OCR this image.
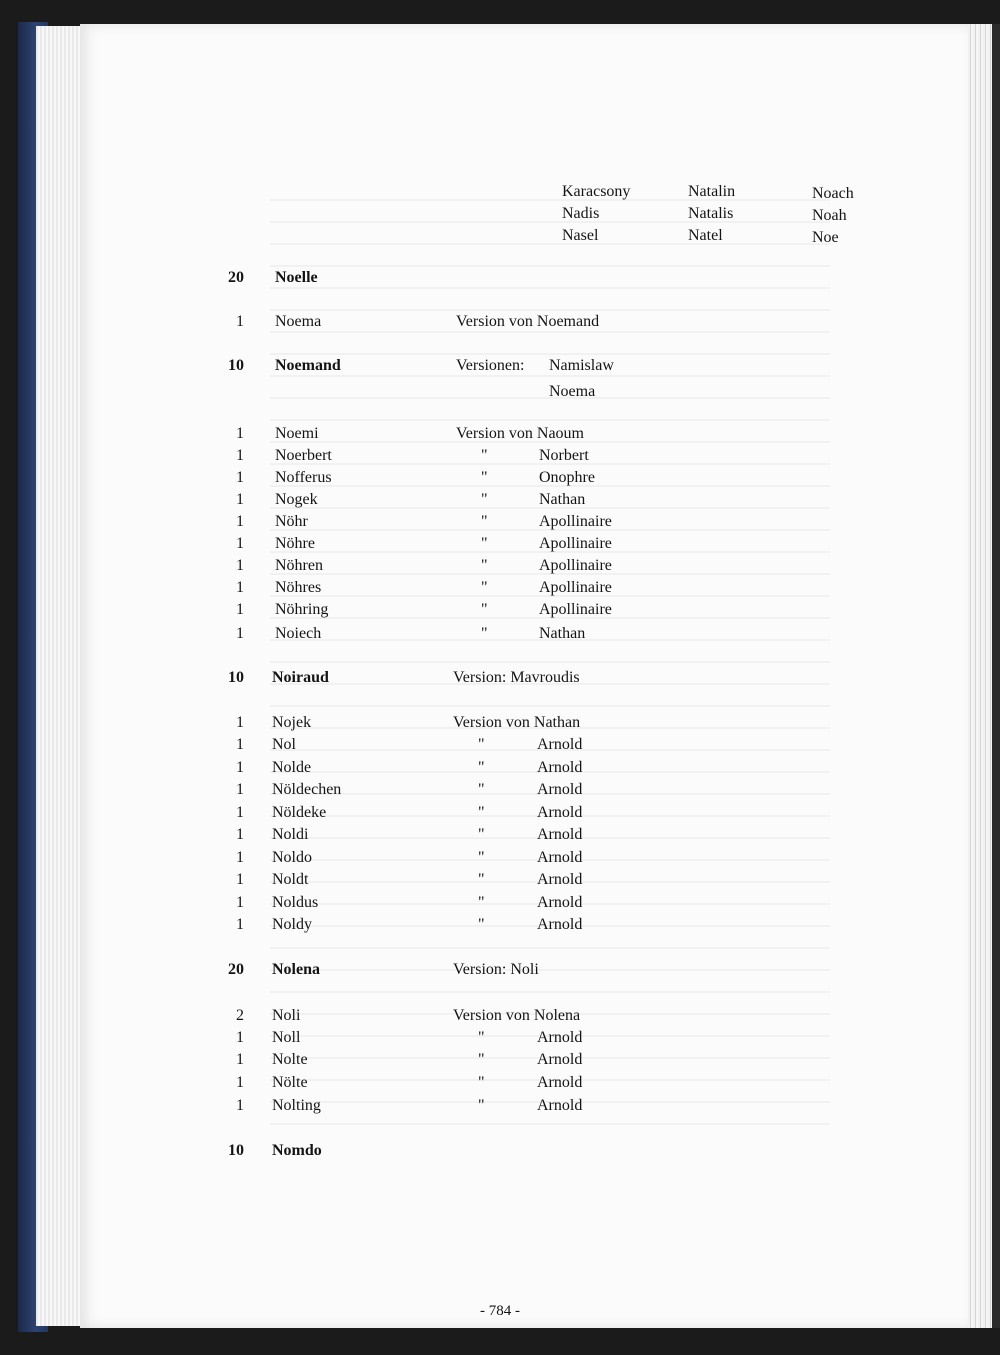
Karacsony	Natalin	Noach
Nadis	Natalis	Noah
Nasel	Natel	Noe
20 Noelle
1 Noema	Version von Noemand
10 Noemand	Versionen: Namislaw
Noema
1 Noemi	Version von Naoum
1 Noerbert	"	Norbert
1 Nofferus	"	Onophre
1 Nogek	"	Nathan
1 Nöhr	"	Apollinaire
1 Nöhre	"	Apollinaire
1 Nöhren	"	Apollinaire
1 Nöhres	"	Apollinaire
1 Nöhring	"	Apollinaire
1 Noiech	"	Nathan
10 Noiraud	Version: Mavroudis
1 Nojek	Version von Nathan
1 Nol	"	Arnold
1 Nolde	"	Arnold
1 Nöldechen	"	Arnold
1 Nöldeke	"	Arnold
1 Noldi	"	Arnold
1 Noldo	"	Arnold
1 Noldt	"	Arnold
1 Noldus	"	Arnold
1 Noldy	"	Arnold
20 Nolena	Version: Noli
2 Noli	Version von Nolena
1 Noll	"	Arnold
1 Nolte	"	Arnold
1 Nölte	"	Arnold
1 Nolting	"	Arnold
10 Nomdo
- 784 -
